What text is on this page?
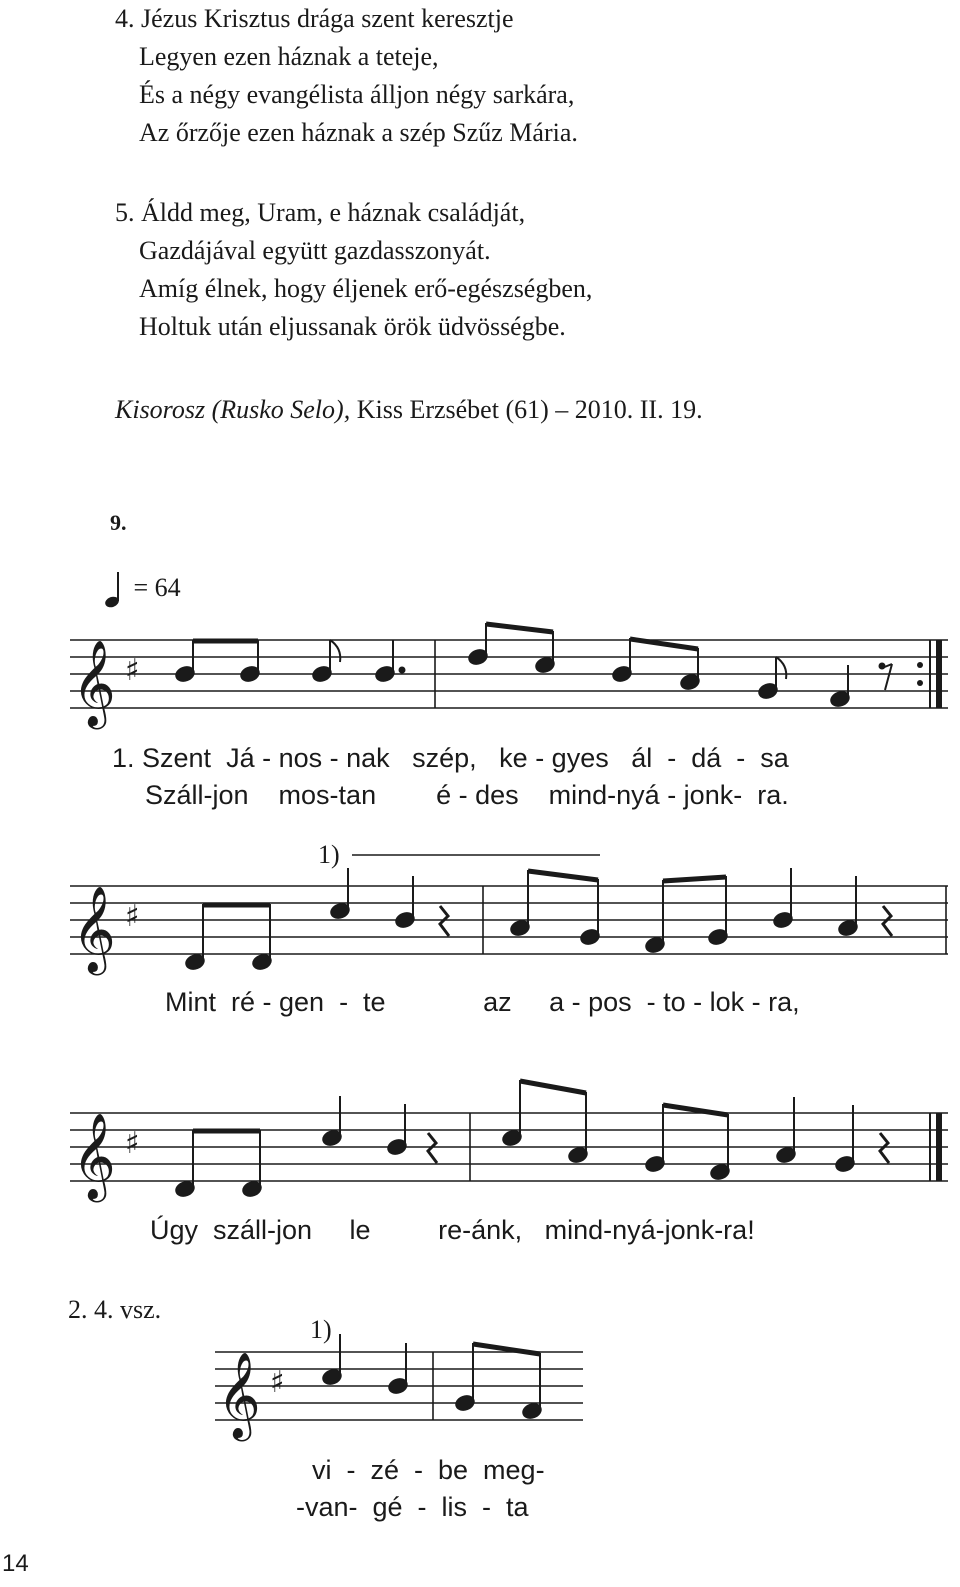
4. Jézus Krisztus drága szent keresztje
Legyen ezen háznak a teteje,
És a négy evangélista álljon négy sarkára,
Az őrzője ezen háznak a szép Szűz Mária.
5. Áldd meg, Uram, e háznak családját,
Gazdájával együtt gazdasszonyát.
Amíg élnek, hogy éljenek erő-egészségben,
Holtuk után eljussanak örök üdvösségbe.
Kisorosz (Rusko Selo), Kiss Erzsébet (61) – 2010. II. 19.
9.
= 64
𝄞 ♯
1. Szent  Já - nos - nak   szép,   ke - gyes   ál  -  dá  -  sa
Száll-jon    mos-tan        é - des    mind-nyá - jonk-  ra.
1)
𝄞 ♯
Mint  ré - gen  -  te             az     a - pos  - to - lok - ra,
𝄞 ♯
Úgy  száll-jon     le         re-ánk,   mind-nyá-jonk-ra!
2. 4. vsz.
1)
𝄞 ♯
vi  -  zé  -  be  meg-
-van-  gé  -  lis  -  ta
14
